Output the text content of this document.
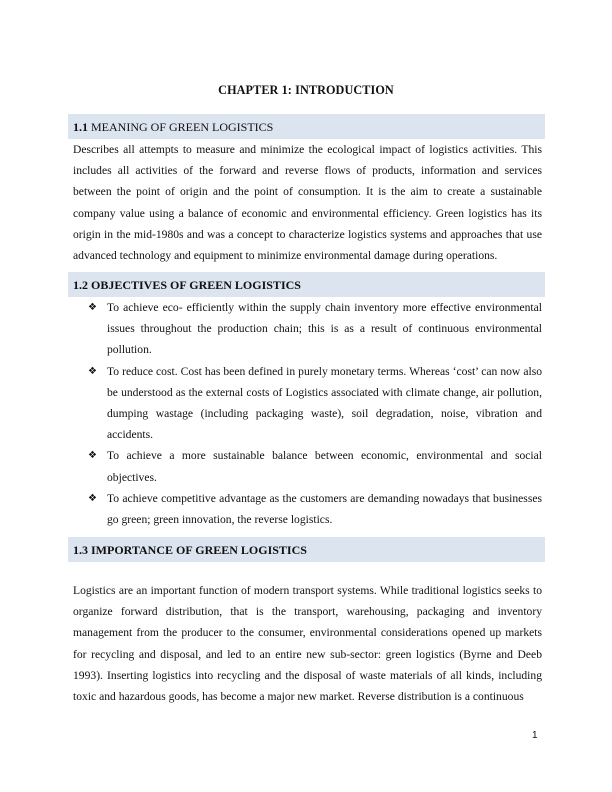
CHAPTER 1: INTRODUCTION
1.1 MEANING OF GREEN LOGISTICS

Describes all attempts to measure and minimize the ecological impact of logistics activities. This includes all activities of the forward and reverse flows of products, information and services between the point of origin and the point of consumption. It is the aim to create a sustainable company value using a balance of economic and environmental efficiency. Green logistics has its origin in the mid-1980s and was a concept to characterize logistics systems and approaches that use advanced technology and equipment to minimize environmental damage during operations.

1.2 OBJECTIVES OF GREEN LOGISTICS
❖ To achieve eco- efficiently within the supply chain inventory more effective environmental issues throughout the production chain; this is as a result of continuous environmental pollution.
❖ To reduce cost. Cost has been defined in purely monetary terms. Whereas ‘cost’ can now also be understood as the external costs of Logistics associated with climate change, air pollution, dumping wastage (including packaging waste), soil degradation, noise, vibration and accidents.
❖ To achieve a more sustainable balance between economic, environmental and social objectives.
❖ To achieve competitive advantage as the customers are demanding nowadays that businesses go green; green innovation, the reverse logistics.
1.3 IMPORTANCE OF GREEN LOGISTICS

Logistics are an important function of modern transport systems. While traditional logistics seeks to organize forward distribution, that is the transport, warehousing, packaging and inventory management from the producer to the consumer, environmental considerations opened up markets for recycling and disposal, and led to an entire new sub-sector: green logistics (Byrne and Deeb 1993). Inserting logistics into recycling and the disposal of waste materials of all kinds, including toxic and hazardous goods, has become a major new market. Reverse distribution is a continuous

1
